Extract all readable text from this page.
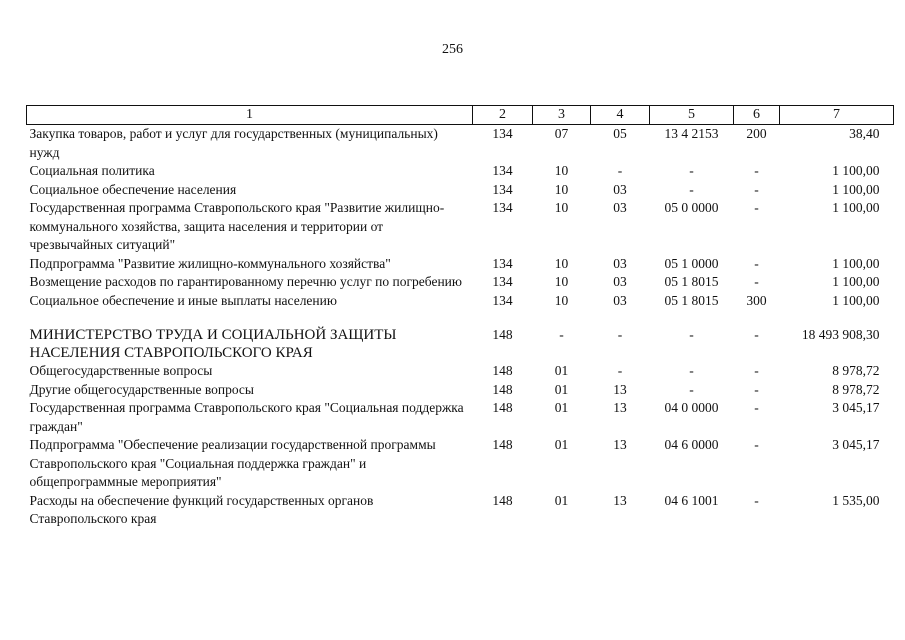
256
1	2	3	4	5	6	7
Закупка товаров, работ и услуг для государственных (муниципальных) нужд	134	07	05	13 4 2153	200	38,40
Социальная политика	134	10	-	-	-	1 100,00
Социальное обеспечение населения	134	10	03	-	-	1 100,00
Государственная программа Ставропольского края "Развитие жилищно-коммунального хозяйства, защита населения и территории от чрезвычайных ситуаций"	134	10	03	05 0 0000	-	1 100,00
Подпрограмма "Развитие жилищно-коммунального хозяйства"	134	10	03	05 1 0000	-	1 100,00
Возмещение расходов по гарантированному перечню услуг по погребению	134	10	03	05 1 8015	-	1 100,00
Социальное обеспечение и иные выплаты населению	134	10	03	05 1 8015	300	1 100,00

МИНИСТЕРСТВО ТРУДА И СОЦИАЛЬНОЙ ЗАЩИТЫ НАСЕЛЕНИЯ СТАВРОПОЛЬСКОГО КРАЯ	148	-	-	-	-	18 493 908,30
Общегосударственные вопросы	148	01	-	-	-	8 978,72
Другие общегосударственные вопросы	148	01	13	-	-	8 978,72
Государственная программа Ставропольского края "Социальная поддержка граждан"	148	01	13	04 0 0000	-	3 045,17
Подпрограмма "Обеспечение реализации государственной программы Ставропольского края "Социальная поддержка граждан" и общепрограммные мероприятия"	148	01	13	04 6 0000	-	3 045,17
Расходы на обеспечение функций государственных органов Ставропольского края	148	01	13	04 6 1001	-	1 535,00
